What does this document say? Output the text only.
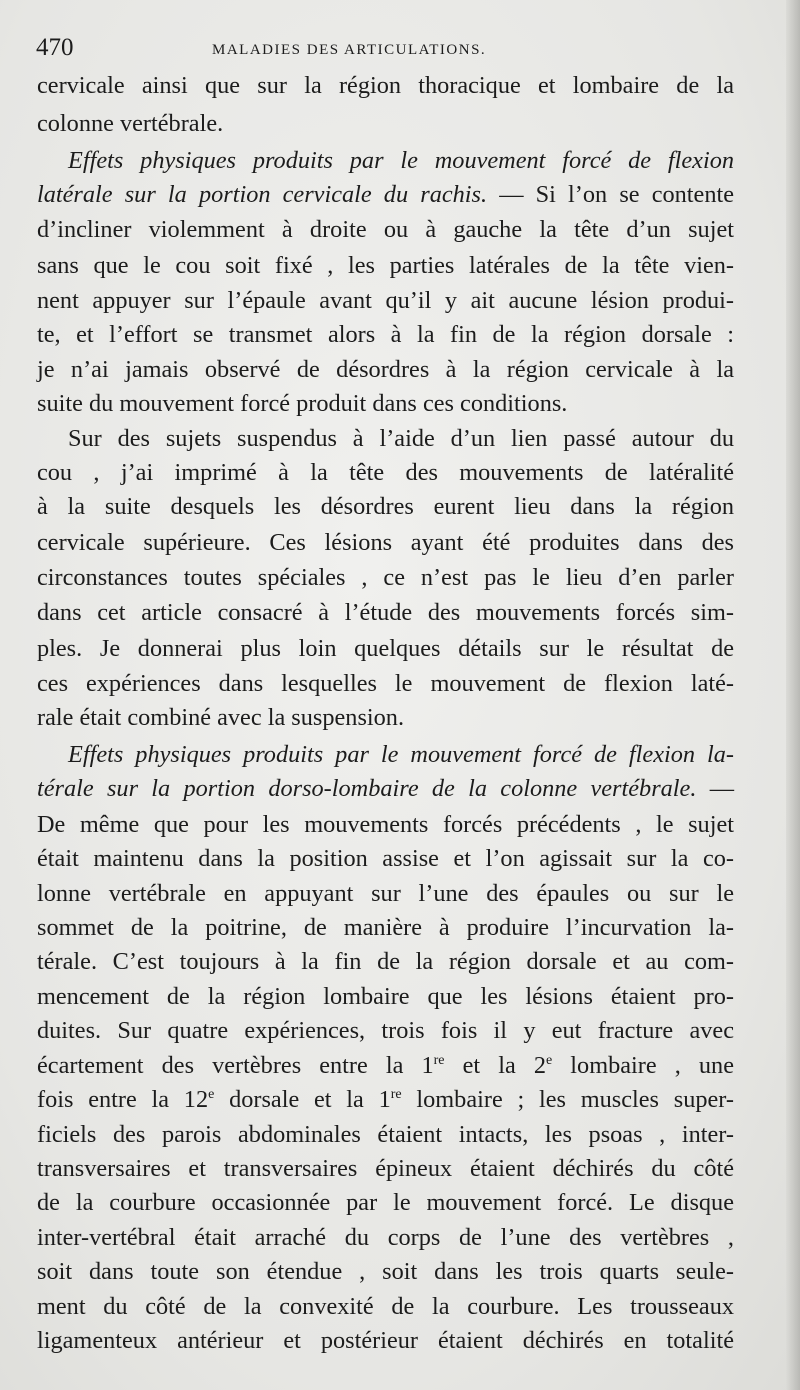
470	MALADIES DES ARTICULATIONS.
cervicale ainsi que sur la région thoracique et lombaire de la
colonne vertébrale.
Effets physiques produits par le mouvement forcé de flexion
latérale sur la portion cervicale du rachis. — Si l’on se contente
d’incliner violemment à droite ou à gauche la tête d’un sujet
sans que le cou soit fixé , les parties latérales de la tête vien-
nent appuyer sur l’épaule avant qu’il y ait aucune lésion produi-
te, et l’effort se transmet alors à la fin de la région dorsale :
je n’ai jamais observé de désordres à la région cervicale à la
suite du mouvement forcé produit dans ces conditions.
Sur des sujets suspendus à l’aide d’un lien passé autour du
cou , j’ai imprimé à la tête des mouvements de latéralité
à la suite desquels les désordres eurent lieu dans la région
cervicale supérieure. Ces lésions ayant été produites dans des
circonstances toutes spéciales , ce n’est pas le lieu d’en parler
dans cet article consacré à l’étude des mouvements forcés sim-
ples. Je donnerai plus loin quelques détails sur le résultat de
ces expériences dans lesquelles le mouvement de flexion laté-
rale était combiné avec la suspension.
Effets physiques produits par le mouvement forcé de flexion la-
térale sur la portion dorso-lombaire de la colonne vertébrale. —
De même que pour les mouvements forcés précédents , le sujet
était maintenu dans la position assise et l’on agissait sur la co-
lonne vertébrale en appuyant sur l’une des épaules ou sur le
sommet de la poitrine, de manière à produire l’incurvation la-
térale. C’est toujours à la fin de la région dorsale et au com-
mencement de la région lombaire que les lésions étaient pro-
duites. Sur quatre expériences, trois fois il y eut fracture avec
écartement des vertèbres entre la 1re et la 2e lombaire , une
fois entre la 12e dorsale et la 1re lombaire ; les muscles super-
ficiels des parois abdominales étaient intacts, les psoas , inter-
transversaires et transversaires épineux étaient déchirés du côté
de la courbure occasionnée par le mouvement forcé. Le disque
inter-vertébral était arraché du corps de l’une des vertèbres ,
soit dans toute son étendue , soit dans les trois quarts seule-
ment du côté de la convexité de la courbure. Les trousseaux
ligamenteux antérieur et postérieur étaient déchirés en totalité
